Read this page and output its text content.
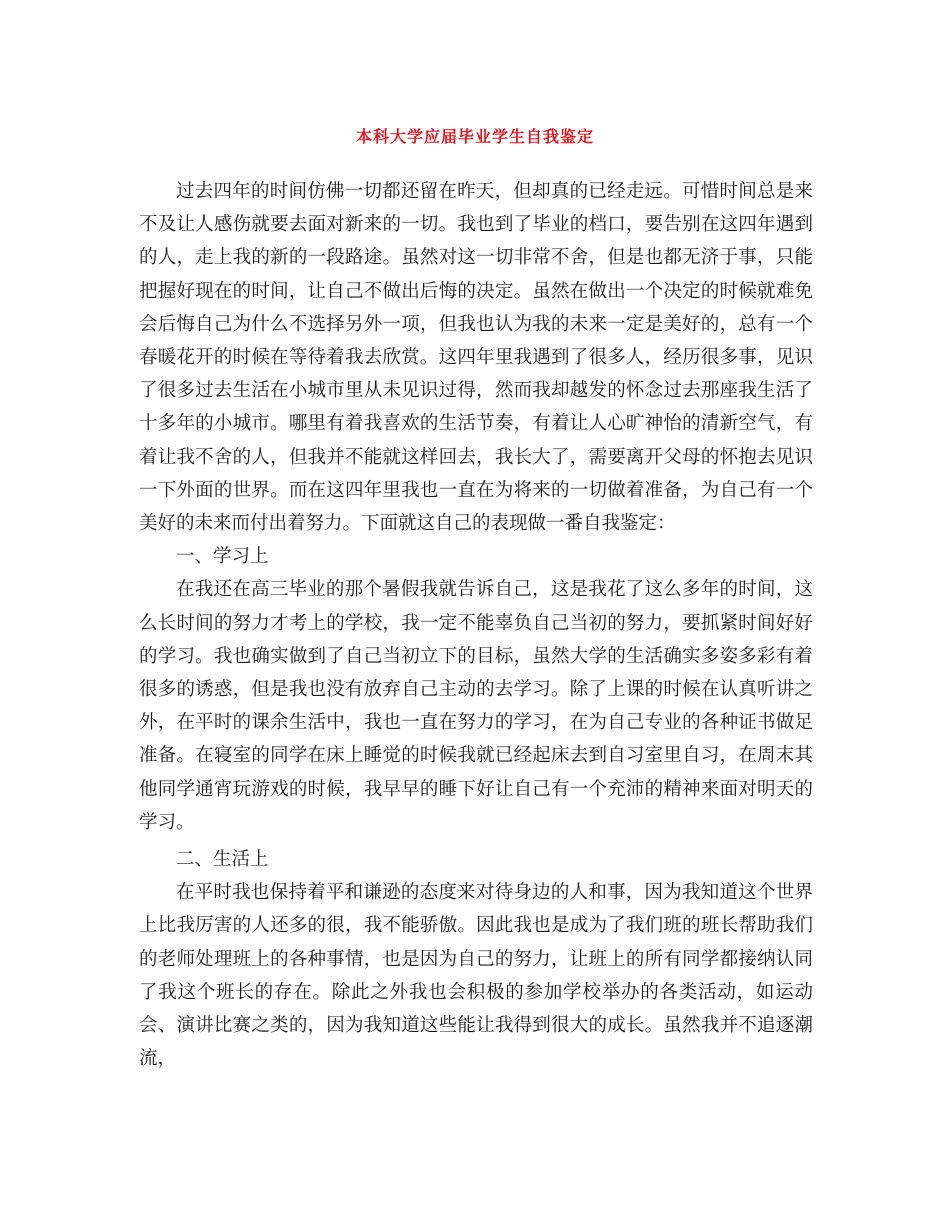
本科大学应届毕业学生自我鉴定

过去四年的时间仿佛一切都还留在昨天，但却真的已经走远。可惜时间总是来不及让人感伤就要去面对新来的一切。我也到了毕业的档口，要告别在这四年遇到的人，走上我的新的一段路途。虽然对这一切非常不舍，但是也都无济于事，只能把握好现在的时间，让自己不做出后悔的决定。虽然在做出一个决定的时候就难免会后悔自己为什么不选择另外一项，但我也认为我的未来一定是美好的，总有一个春暖花开的时候在等待着我去欣赏。这四年里我遇到了很多人，经历很多事，见识了很多过去生活在小城市里从未见识过得，然而我却越发的怀念过去那座我生活了十多年的小城市。哪里有着我喜欢的生活节奏，有着让人心旷神怡的清新空气，有着让我不舍的人，但我并不能就这样回去，我长大了，需要离开父母的怀抱去见识一下外面的世界。而在这四年里我也一直在为将来的一切做着准备，为自己有一个美好的未来而付出着努力。下面就这自己的表现做一番自我鉴定：

一、学习上

在我还在高三毕业的那个暑假我就告诉自己，这是我花了这么多年的时间，这么长时间的努力才考上的学校，我一定不能辜负自己当初的努力，要抓紧时间好好的学习。我也确实做到了自己当初立下的目标，虽然大学的生活确实多姿多彩有着很多的诱惑，但是我也没有放弃自己主动的去学习。除了上课的时候在认真听讲之外，在平时的课余生活中，我也一直在努力的学习，在为自己专业的各种证书做足准备。在寝室的同学在床上睡觉的时候我就已经起床去到自习室里自习，在周末其他同学通宵玩游戏的时候，我早早的睡下好让自己有一个充沛的精神来面对明天的学习。

二、生活上

在平时我也保持着平和谦逊的态度来对待身边的人和事，因为我知道这个世界上比我厉害的人还多的很，我不能骄傲。因此我也是成为了我们班的班长帮助我们的老师处理班上的各种事情，也是因为自己的努力，让班上的所有同学都接纳认同了我这个班长的存在。除此之外我也会积极的参加学校举办的各类活动，如运动会、演讲比赛之类的，因为我知道这些能让我得到很大的成长。虽然我并不追逐潮流，
